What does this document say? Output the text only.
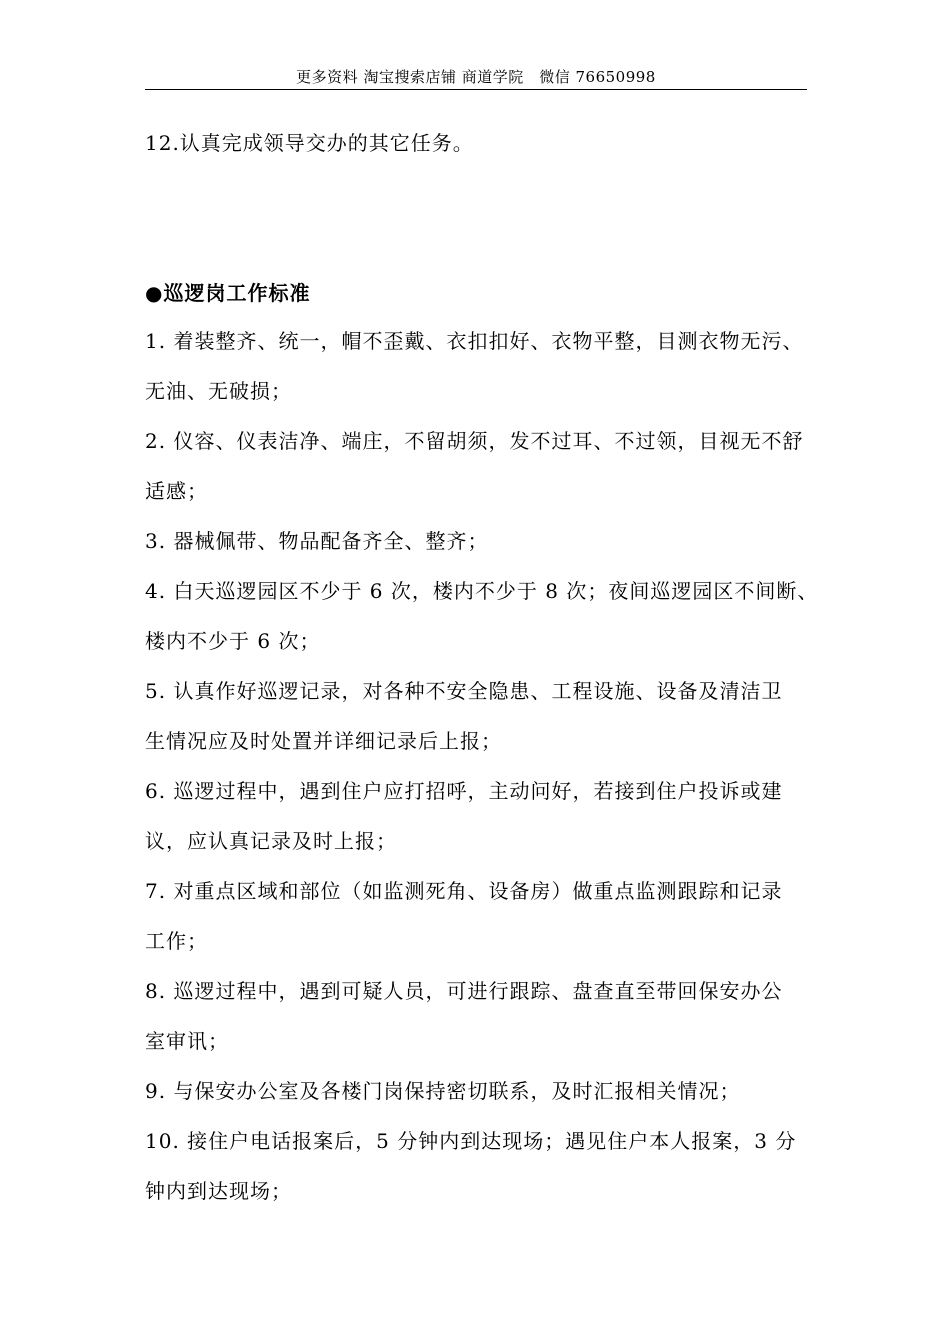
更多资料 淘宝搜索店铺 商道学院　微信 76650998
12.认真完成领导交办的其它任务。
●巡逻岗工作标准
1. 着装整齐、统一，帽不歪戴、衣扣扣好、衣物平整，目测衣物无污、
无油、无破损；
2. 仪容、仪表洁净、端庄，不留胡须，发不过耳、不过领，目视无不舒
适感；
3. 器械佩带、物品配备齐全、整齐；
4. 白天巡逻园区不少于 6 次，楼内不少于 8 次；夜间巡逻园区不间断、
楼内不少于 6 次；
5. 认真作好巡逻记录，对各种不安全隐患、工程设施、设备及清洁卫
生情况应及时处置并详细记录后上报；
6. 巡逻过程中，遇到住户应打招呼，主动问好，若接到住户投诉或建
议，应认真记录及时上报；
7. 对重点区域和部位（如监测死角、设备房）做重点监测跟踪和记录
工作；
8. 巡逻过程中，遇到可疑人员，可进行跟踪、盘查直至带回保安办公
室审讯；
9. 与保安办公室及各楼门岗保持密切联系，及时汇报相关情况；
10. 接住户电话报案后，5 分钟内到达现场；遇见住户本人报案，3 分
钟内到达现场；
